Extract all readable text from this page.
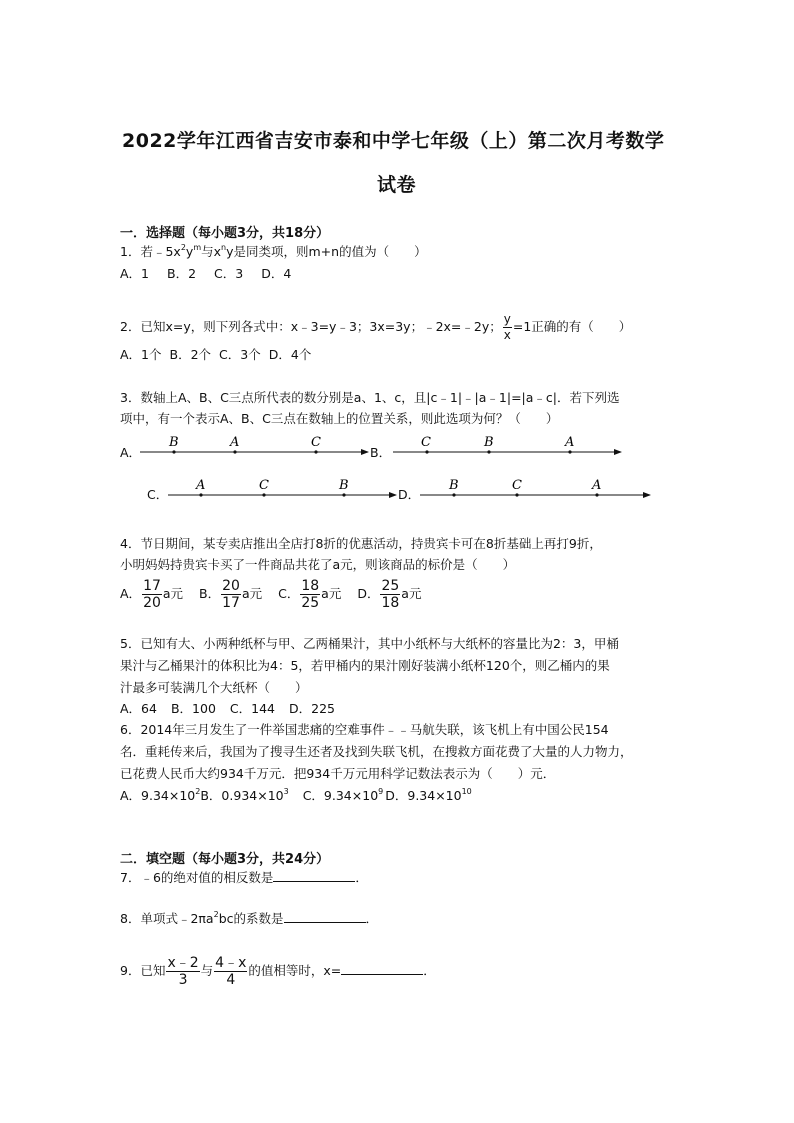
2022学年江西省吉安市泰和中学七年级（上）第二次月考数学
试卷
一．选择题（每小题3分，共18分）
1．若$﹣5x^2y^m$与$x^ny$是同类项，则m+n的值为（　　）
A．1 B．2 C．3 D．4
2．已知x=y，则下列各式中：x﹣3=y﹣3；3x=3y；﹣2x=﹣2y； $\frac{y}{x} =1$正确的有（　　）
A．1个 B．2个 C．3个 D．4个
3．数轴上A、B、C三点所代表的数分别是a、1、c，且|c﹣1|﹣|a﹣1|=|a﹣c|．若下列选
项中，有一个表示A、B、C三点在数轴上的位置关系，则此选项为何？（　　）
A．	B．
C．	D．
B	A	C	C	B	A
A	C	B	B	C	A
4．节日期间，某专卖店推出全店打8折的优惠活动，持贵宾卡可在8折基础上再打9折，
小明妈妈持贵宾卡买了一件商品共花了a元，则该商品的标价是（　　）
A． $\frac{17}{20}$ a元 B． $\frac{20}{17}$ a元 C． $\frac{18}{25}$ a元 D． $\frac{25}{18}$ a元
5．已知有大、小两种纸杯与甲、乙两桶果汁，其中小纸杯与大纸杯的容量比为2：3，甲桶
果汁与乙桶果汁的体积比为4：5，若甲桶内的果汁刚好装满小纸杯120个，则乙桶内的果
汁最多可装满几个大纸杯（　　）
A．64 B．100 C．144 D．225
6．2014年三月发生了一件举国悲痛的空难事件﹣﹣马航失联，该飞机上有中国公民154
名．重耗传来后，我国为了搜寻生还者及找到失联飞机，在搜救方面花费了大量的人力物力，
已花费人民币大约934千万元．把934千万元用科学记数法表示为（　　）元．
A．$9.34\times 10^2B$．$0.934\times 10^3$ C．$9.34\times 10^9$ D．$9.34\times 10^{10}$
二．填空题（每小题3分，共24分）
7．﹣6的绝对值的相反数是	．
8．单项式$﹣2\pi a^2bc$的系数是	．
9．已知 $\frac{x﹣2}{3}$ 与 $\frac{4﹣x}{4}$ 的值相等时，x=	．
